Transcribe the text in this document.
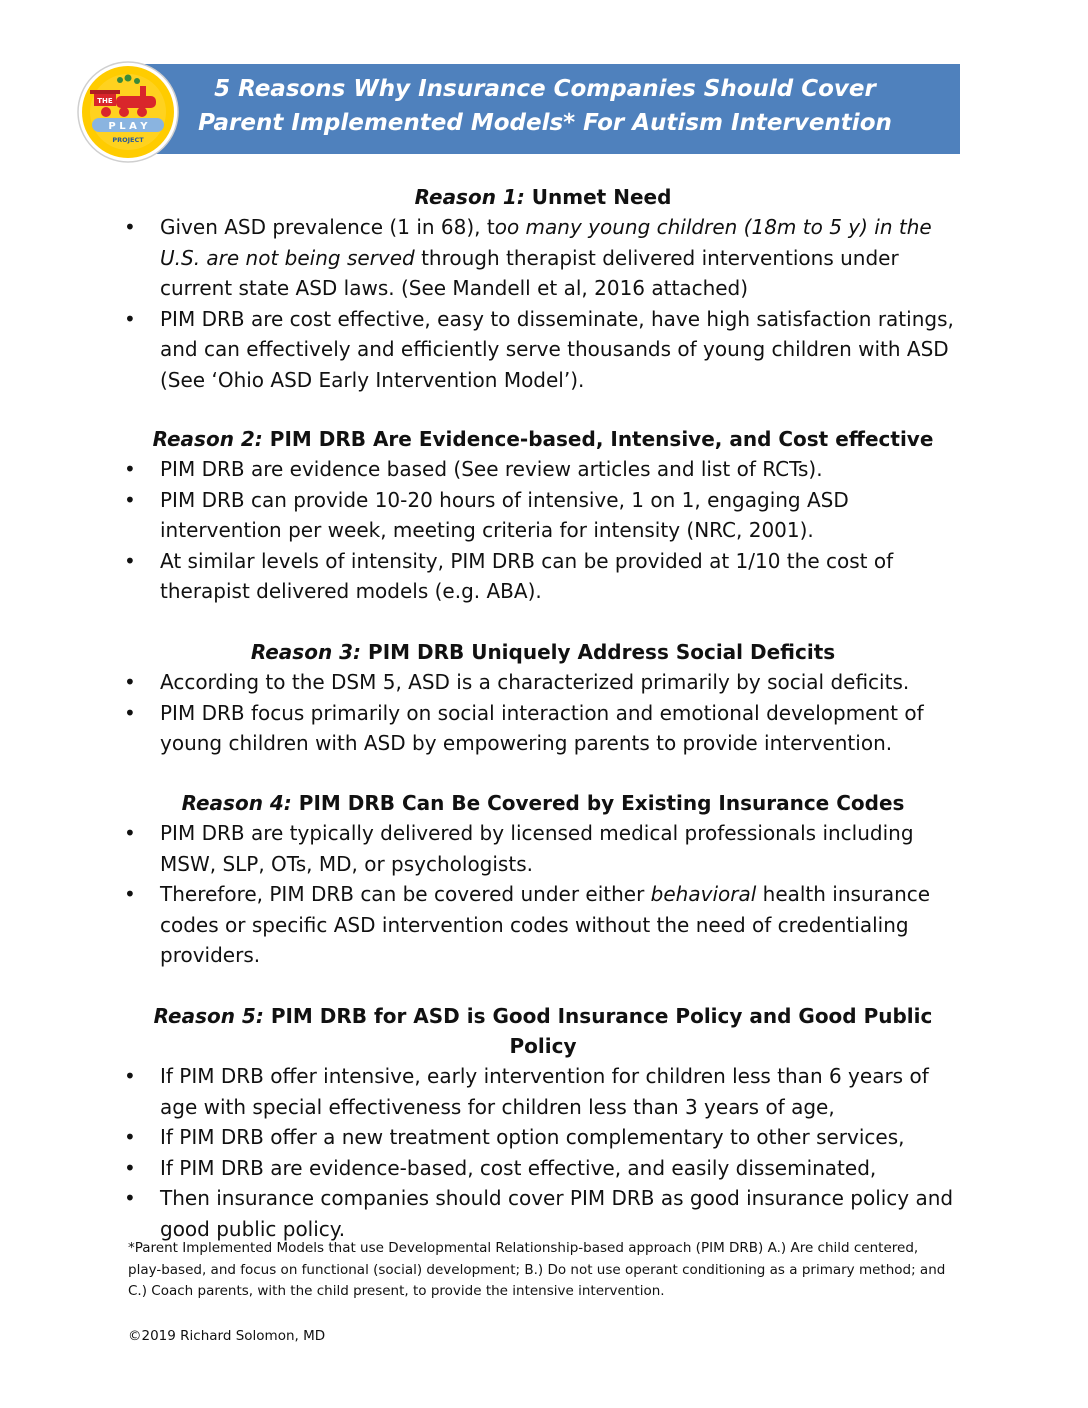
5 Reasons Why Insurance Companies Should Cover
Parent Implemented Models* For Autism Intervention
THE
P L A Y
PROJECT

Reason 1: Unmet Need

• Given ASD prevalence (1 in 68), too many young children (18m to 5 y) in the U.S. are not being served through therapist delivered interventions under current state ASD laws. (See Mandell et al, 2016 attached)
• PIM DRB are cost effective, easy to disseminate, have high satisfaction ratings, and can effectively and efficiently serve thousands of young children with ASD (See ‘Ohio ASD Early Intervention Model’).

Reason 2: PIM DRB Are Evidence-based, Intensive, and Cost effective

• PIM DRB are evidence based (See review articles and list of RCTs).
• PIM DRB can provide 10-20 hours of intensive, 1 on 1, engaging ASD intervention per week, meeting criteria for intensity (NRC, 2001).
• At similar levels of intensity, PIM DRB can be provided at 1/10 the cost of therapist delivered models (e.g. ABA).

Reason 3: PIM DRB Uniquely Address Social Deficits

• According to the DSM 5, ASD is a characterized primarily by social deficits.
• PIM DRB focus primarily on social interaction and emotional development of young children with ASD by empowering parents to provide intervention.

Reason 4: PIM DRB Can Be Covered by Existing Insurance Codes

• PIM DRB are typically delivered by licensed medical professionals including MSW, SLP, OTs, MD, or psychologists.
• Therefore, PIM DRB can be covered under either behavioral health insurance codes or specific ASD intervention codes without the need of credentialing providers.

Reason 5: PIM DRB for ASD is Good Insurance Policy and Good Public Policy

• If PIM DRB offer intensive, early intervention for children less than 6 years of age with special effectiveness for children less than 3 years of age,
• If PIM DRB offer a new treatment option complementary to other services,
• If PIM DRB are evidence-based, cost effective, and easily disseminated,
• Then insurance companies should cover PIM DRB as good insurance policy and good public policy.
*Parent Implemented Models that use Developmental Relationship-based approach (PIM DRB) A.) Are child centered, play-based, and focus on functional (social) development; B.) Do not use operant conditioning as a primary method; and C.) Coach parents, with the child present, to provide the intensive intervention.
©2019 Richard Solomon, MD
